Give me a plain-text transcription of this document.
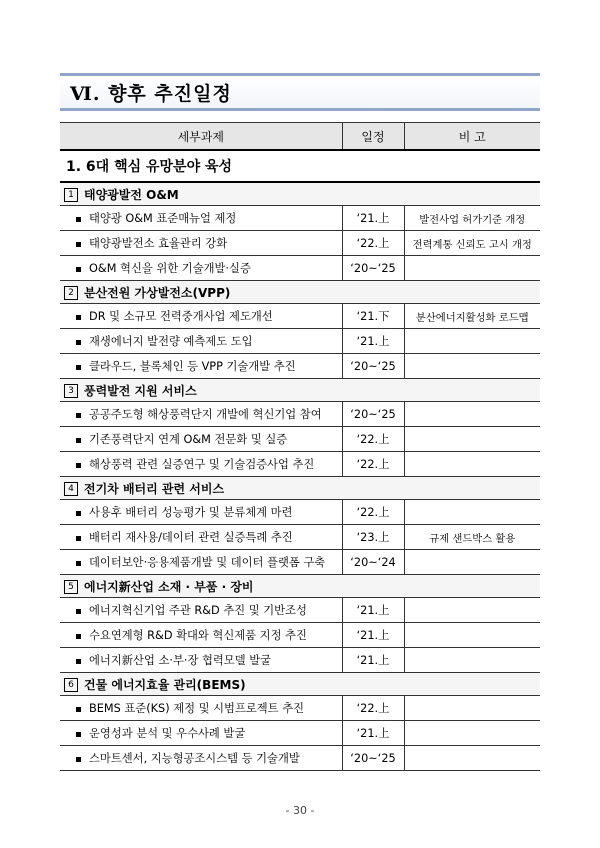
Ⅵ. 향후 추진일정
세부과제	일정	비 고
1. 6대 핵심 유망분야 육성		
1 태양광발전 O&M		
태양광 O&M 표준매뉴얼 제정	‘21.上	발전사업 허가기준 개정
태양광발전소 효율관리 강화	‘22.上	전력계통 신뢰도 고시 개정
O&M 혁신을 위한 기술개발·실증	‘20~‘25	
2 분산전원 가상발전소(VPP)		
DR 및 소규모 전력중개사업 제도개선	‘21.下	분산에너지활성화 로드맵
재생에너지 발전량 예측제도 도입	‘21.上	
클라우드, 블록체인 등 VPP 기술개발 추진	‘20~‘25	
3 풍력발전 지원 서비스		
공공주도형 해상풍력단지 개발에 혁신기업 참여	‘20~‘25	
기존풍력단지 연계 O&M 전문화 및 실증	‘22.上	
해상풍력 관련 실증연구 및 기술검증사업 추진	‘22.上	
4 전기차 배터리 관련 서비스		
사용후 배터리 성능평가 및 분류체계 마련	‘22.上	
배터리 재사용/데이터 관련 실증특례 추진	‘23.上	규제 샌드박스 활용
데이터보안·응용제품개발 및 데이터 플랫폼 구축	‘20~‘24	
5 에너지新산업 소재 · 부품 · 장비		
에너지혁신기업 주관 R&D 추진 및 기반조성	‘21.上	
수요연계형 R&D 확대와 혁신제품 지정 추진	‘21.上	
에너지新산업 소·부·장 협력모델 발굴	‘21.上	
6 건물 에너지효율 관리(BEMS)		
BEMS 표준(KS) 제정 및 시범프로젝트 추진	‘22.上	
운영성과 분석 및 우수사례 발굴	‘21.上	
스마트센서, 지능형공조시스템 등 기술개발	‘20~‘25	
- 30 -
